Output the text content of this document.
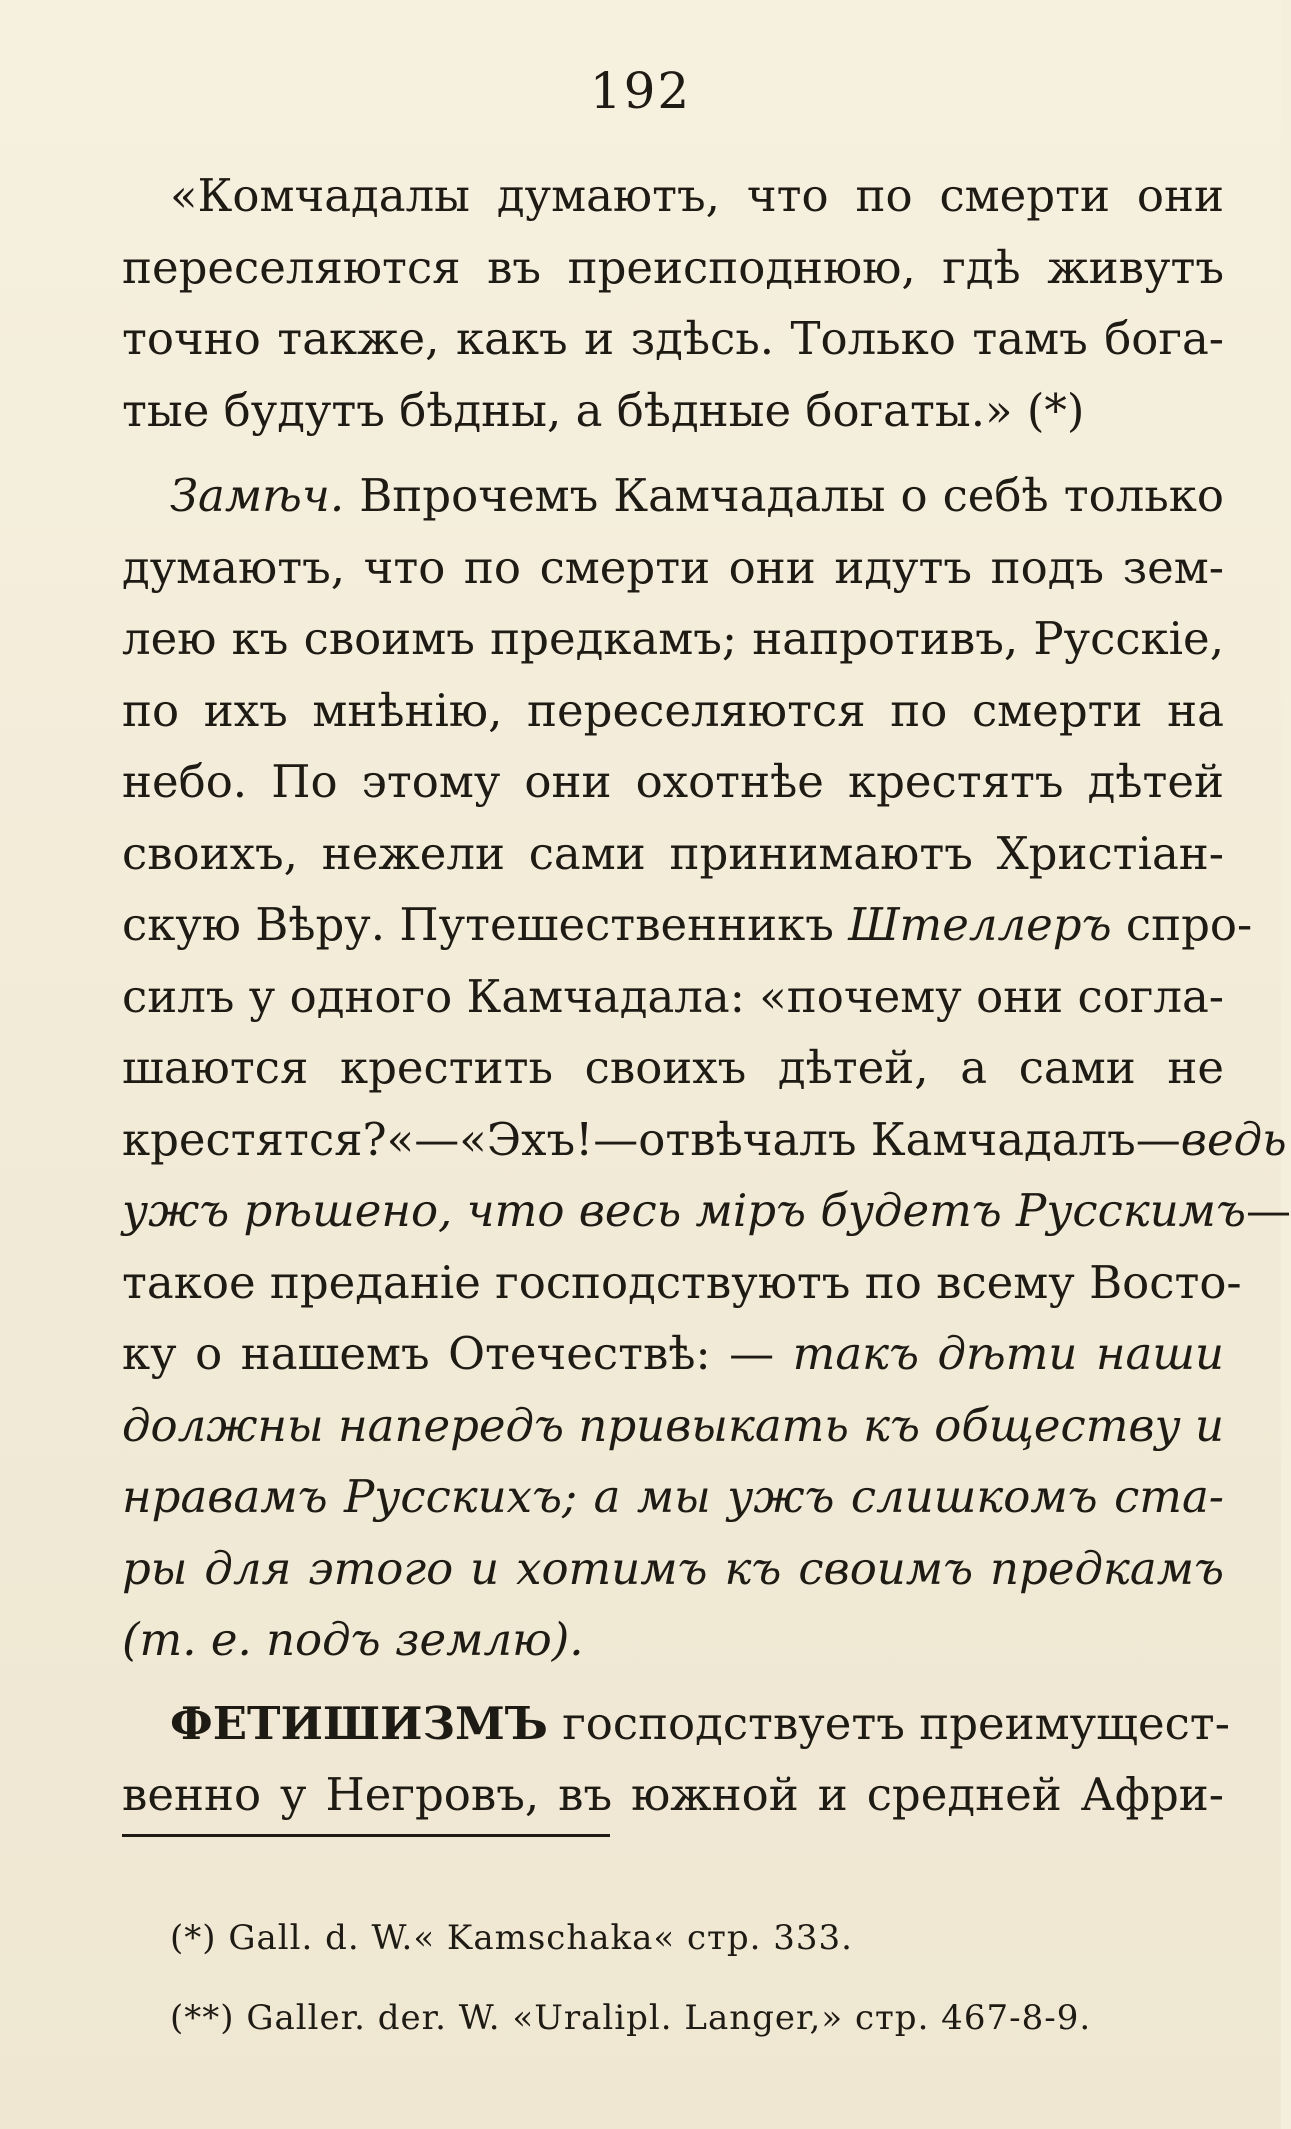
192
«Комчадалы думаютъ, что по смерти они
переселяются въ преисподнюю, гдѣ живутъ
точно также, какъ и здѣсь. Только тамъ бога-
тые будутъ бѣдны, а бѣдные богаты.» (*)
Замѣч. Впрочемъ Камчадалы о себѣ только
думаютъ, что по смерти они идутъ подъ зем-
лею къ своимъ предкамъ; напротивъ, Русскіе,
по ихъ мнѣнію, переселяются по смерти на
небо. По этому они охотнѣе крестятъ дѣтей
своихъ, нежели сами принимаютъ Христіан-
скую Вѣру. Путешественникъ Штеллеръ спро-
силъ у одного Камчадала: «почему они согла-
шаются крестить своихъ дѣтей, а сами не
крестятся?«—«Эхъ!—отвѣчалъ Камчадалъ—ведь
ужъ рѣшено, что весь міръ будетъ Русскимъ—
такое преданіе господствуютъ по всему Восто-
ку о нашемъ Отечествѣ: — такъ дѣти наши
должны напередъ привыкать къ обществу и
нравамъ Русскихъ; а мы ужъ слишкомъ ста-
ры для этого и хотимъ къ своимъ предкамъ
(т. е. подъ землю).
ФЕТИШИЗМЪ господствуетъ преимущест-
венно у Негровъ, въ южной и средней Афри-
(*) Gall. d. W.« Kamschaka« стр. 333.
(**) Galler. der. W. «Uralipl. Langer,» стр. 467-8-9.
